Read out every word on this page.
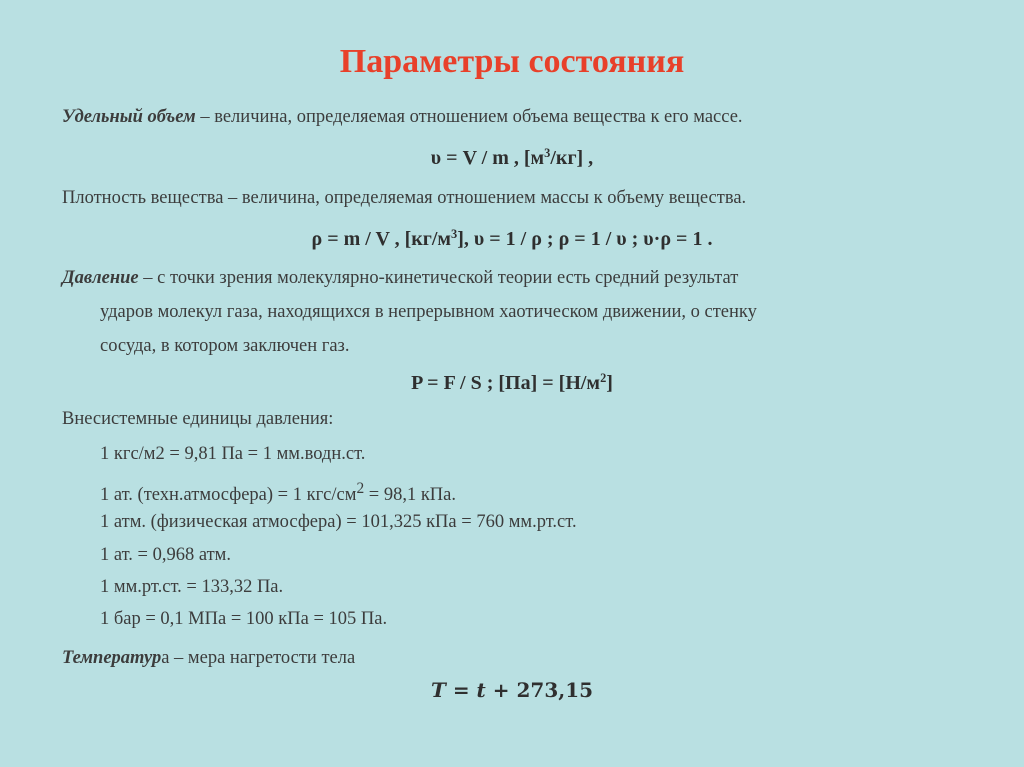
Параметры состояния
Удельный объем – величина, определяемая отношением объема вещества к его массе.
υ = V / m , $[м^3/кг]$ ,
Плотность вещества – величина, определяемая отношением массы к объему вещества.
ρ = m / V , $[кг/м^3]$, υ = 1 / ρ ; ρ = 1 / υ ; υ·ρ = 1 .
Давление – с точки зрения молекулярно-кинетической теории есть средний результат
ударов молекул газа, находящихся в непрерывном хаотическом движении, о стенку
сосуда, в котором заключен газ.
P = F / S ; $[Па] = [Н/м^2]$
Внесистемные единицы давления:
1 кгс/м2 = 9,81 Па = 1 мм.водн.ст.
1 ат. (техн.атмосфера) = 1 кгс/$см^2 = 98,1$ кПа.
1 атм. (физическая атмосфера) = 101,325 кПа = 760 мм.рт.ст.
1 ат. = 0,968 атм.
1 мм.рт.ст. = 133,32 Па.
1 бар = 0,1 МПа = 100 кПа = 105 Па.
Температура – мера нагретости тела
T = t + 273,15
